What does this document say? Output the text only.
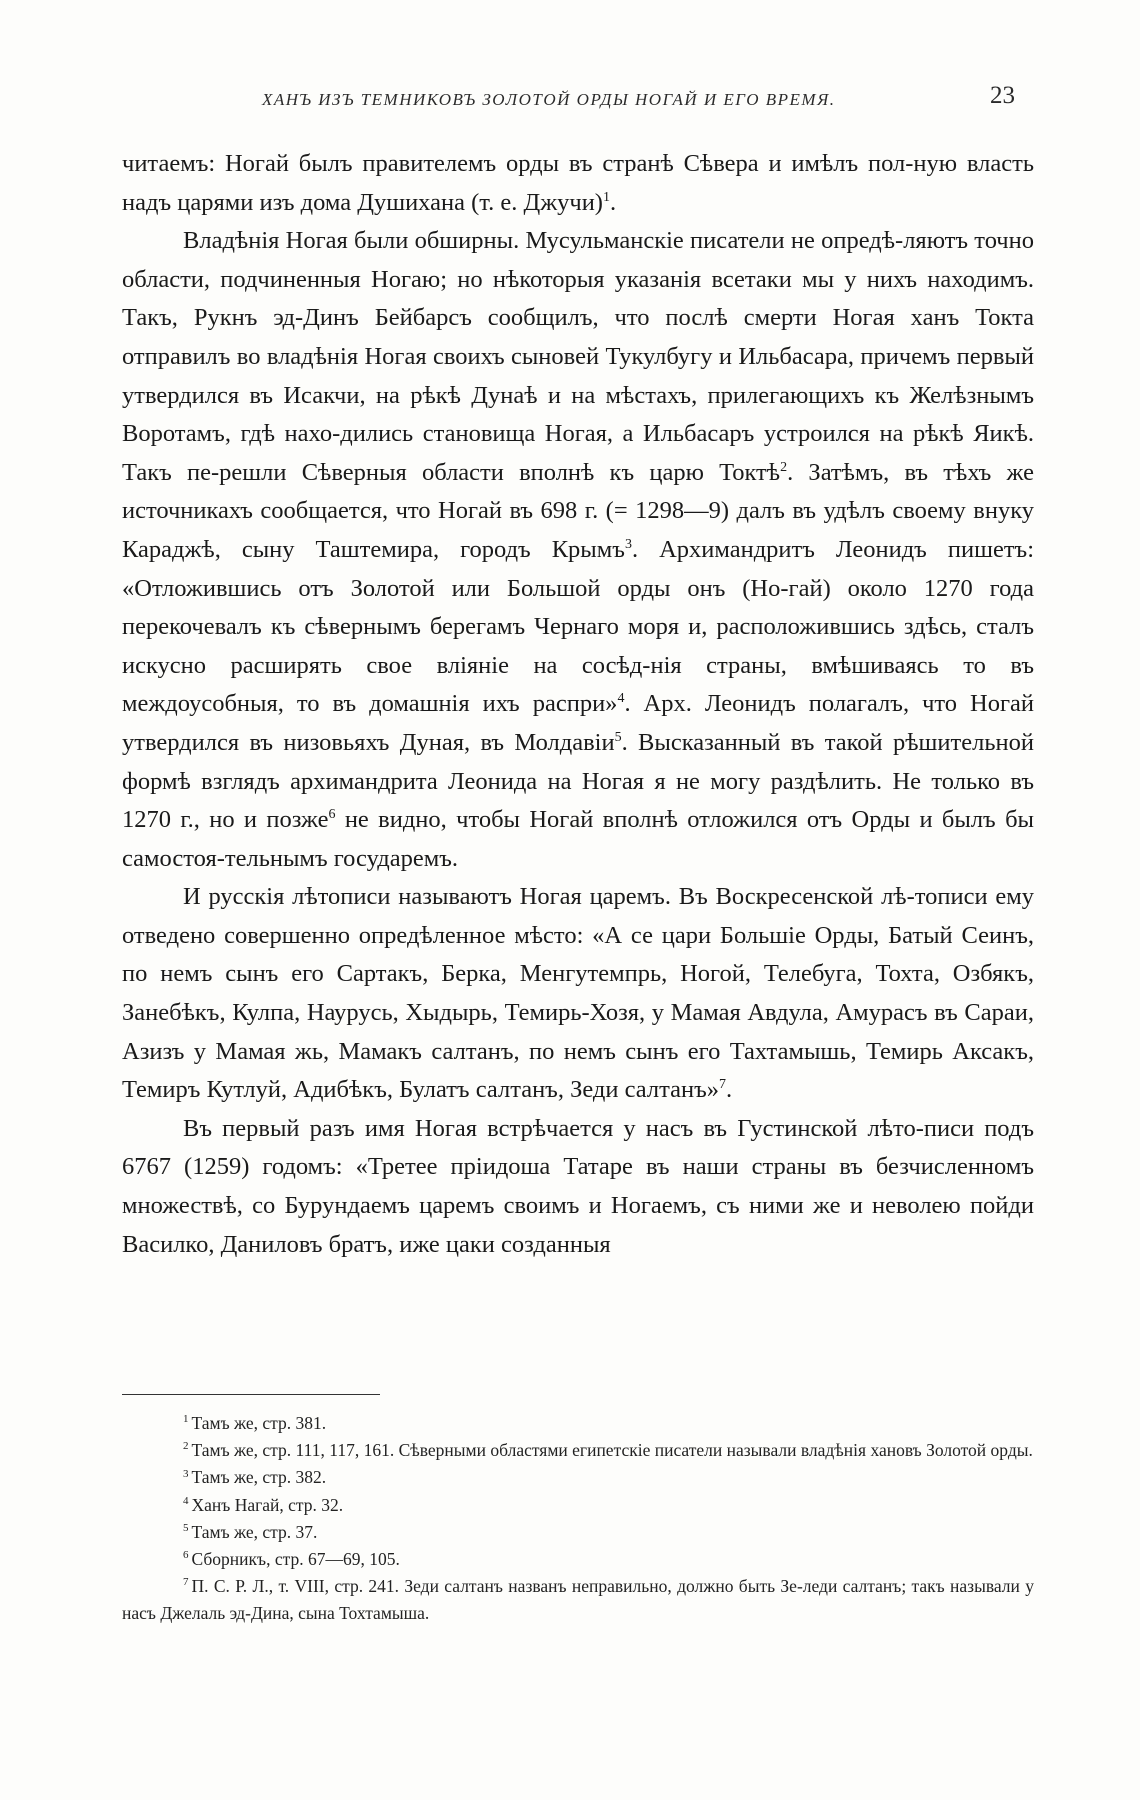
ХАНЪ ИЗЪ ТЕМНИКОВЪ ЗОЛОТОЙ ОРДЫ НОГАЙ И ЕГО ВРЕМЯ.	23

читаемъ: Ногай былъ правителемъ орды въ странѣ Сѣвера и имѣлъ пол-ную власть надъ царями изъ дома Душихана (т. е. Джучи)$^1$.

Владѣнія Ногая были обширны. Мусульманскіе писатели не опредѣ-ляютъ точно области, подчиненныя Ногаю; но нѣкоторыя указанія всетаки мы у нихъ находимъ. Такъ, Рукнъ эд-Динъ Бейбарсъ сообщилъ, что послѣ смерти Ногая ханъ Токта отправилъ во владѣнія Ногая своихъ сыновей Тукулбугу и Ильбасара, причемъ первый утвердился въ Исакчи, на рѣкѣ Дунаѣ и на мѣстахъ, прилегающихъ къ Желѣзнымъ Воротамъ, гдѣ нахо-дились становища Ногая, а Ильбасаръ устроился на рѣкѣ Яикѣ. Такъ пе-решли Сѣверныя области вполнѣ къ царю Токтѣ$^2$. Затѣмъ, въ тѣхъ же источникахъ сообщается, что Ногай въ 698 г. (= 1298—9) далъ въ удѣлъ своему внуку Караджѣ, сыну Таштемира, городъ Крымъ$^3$. Архимандритъ Леонидъ пишетъ: «Отложившись отъ Золотой или Большой орды онъ (Но-гай) около 1270 года перекочевалъ къ сѣвернымъ берегамъ Чернаго моря и, расположившись здѣсь, сталъ искусно расширять свое вліяніе на сосѣд-нія страны, вмѣшиваясь то въ междоусобныя, то въ домашнія ихъ распри»$^4$. Арх. Леонидъ полагалъ, что Ногай утвердился въ низовьяхъ Дуная, въ Молдавіи$^5$. Высказанный въ такой рѣшительной формѣ взглядъ архимандрита Леонида на Ногая я не могу раздѣлить. Не только въ 1270 г., но и позже$^6$ не видно, чтобы Ногай вполнѣ отложился отъ Орды и былъ бы самостоя-тельнымъ государемъ.

И русскія лѣтописи называютъ Ногая царемъ. Въ Воскресенской лѣ-тописи ему отведено совершенно опредѣленное мѣсто: «А се цари Большіе Орды, Батый Сеинъ, по немъ сынъ его Сартакъ, Берка, Менгутемпрь, Ногой, Телебуга, Тохта, Озбякъ, Занебѣкъ, Кулпа, Наурусь, Хыдырь, Темирь-Хозя, у Мамая Авдула, Амурасъ въ Сараи, Азизъ у Мамая жь, Мамакъ салтанъ, по немъ сынъ его Тахтамышь, Темирь Аксакъ, Темиръ Кутлуй, Адибѣкъ, Булатъ салтанъ, Зеди салтанъ»$^7$.

Въ первый разъ имя Ногая встрѣчается у насъ въ Густинской лѣто-писи подъ 6767 (1259) годомъ: «Третее пріидоша Татаре въ наши страны въ безчисленномъ множествѣ, со Бурундаемъ царемъ своимъ и Ногаемъ, съ ними же и неволею пойди Василко, Даниловъ братъ, иже цаки созданныя

$^1$ Тамъ же, стр. 381.
$^2$ Тамъ же, стр. 111, 117, 161. Сѣверными областями египетскіе писатели называли владѣнія хановъ Золотой орды.
$^3$ Тамъ же, стр. 382.
$^4$ Ханъ Нагай, стр. 32.
$^5$ Тамъ же, стр. 37.
$^6$ Сборникъ, стр. 67—69, 105.
$^7$ П. С. Р. Л., т. VIII, стр. 241. Зеди салтанъ названъ неправильно, должно быть Зе-леди салтанъ; такъ называли у насъ Джелаль эд-Дина, сына Тохтамыша.
